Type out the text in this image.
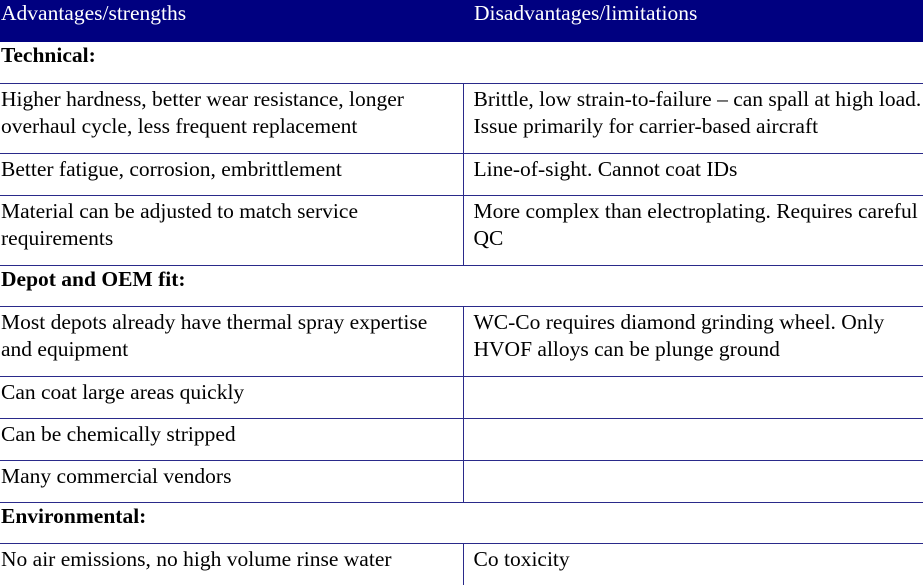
Advantages/strengths	Disadvantages/limitations
Technical:	
Higher hardness, better wear resistance, longer overhaul cycle, less frequent replacement	Brittle, low strain-to-failure – can spall at high load. Issue primarily for carrier-based aircraft
Better fatigue, corrosion, embrittlement	Line-of-sight. Cannot coat IDs
Material can be adjusted to match service requirements	More complex than electroplating. Requires careful QC
Depot and OEM fit:	
Most depots already have thermal spray expertise and equipment	WC-Co requires diamond grinding wheel. Only HVOF alloys can be plunge ground
Can coat large areas quickly	
Can be chemically stripped	
Many commercial vendors	
Environmental:	
No air emissions, no high volume rinse water	Co toxicity
